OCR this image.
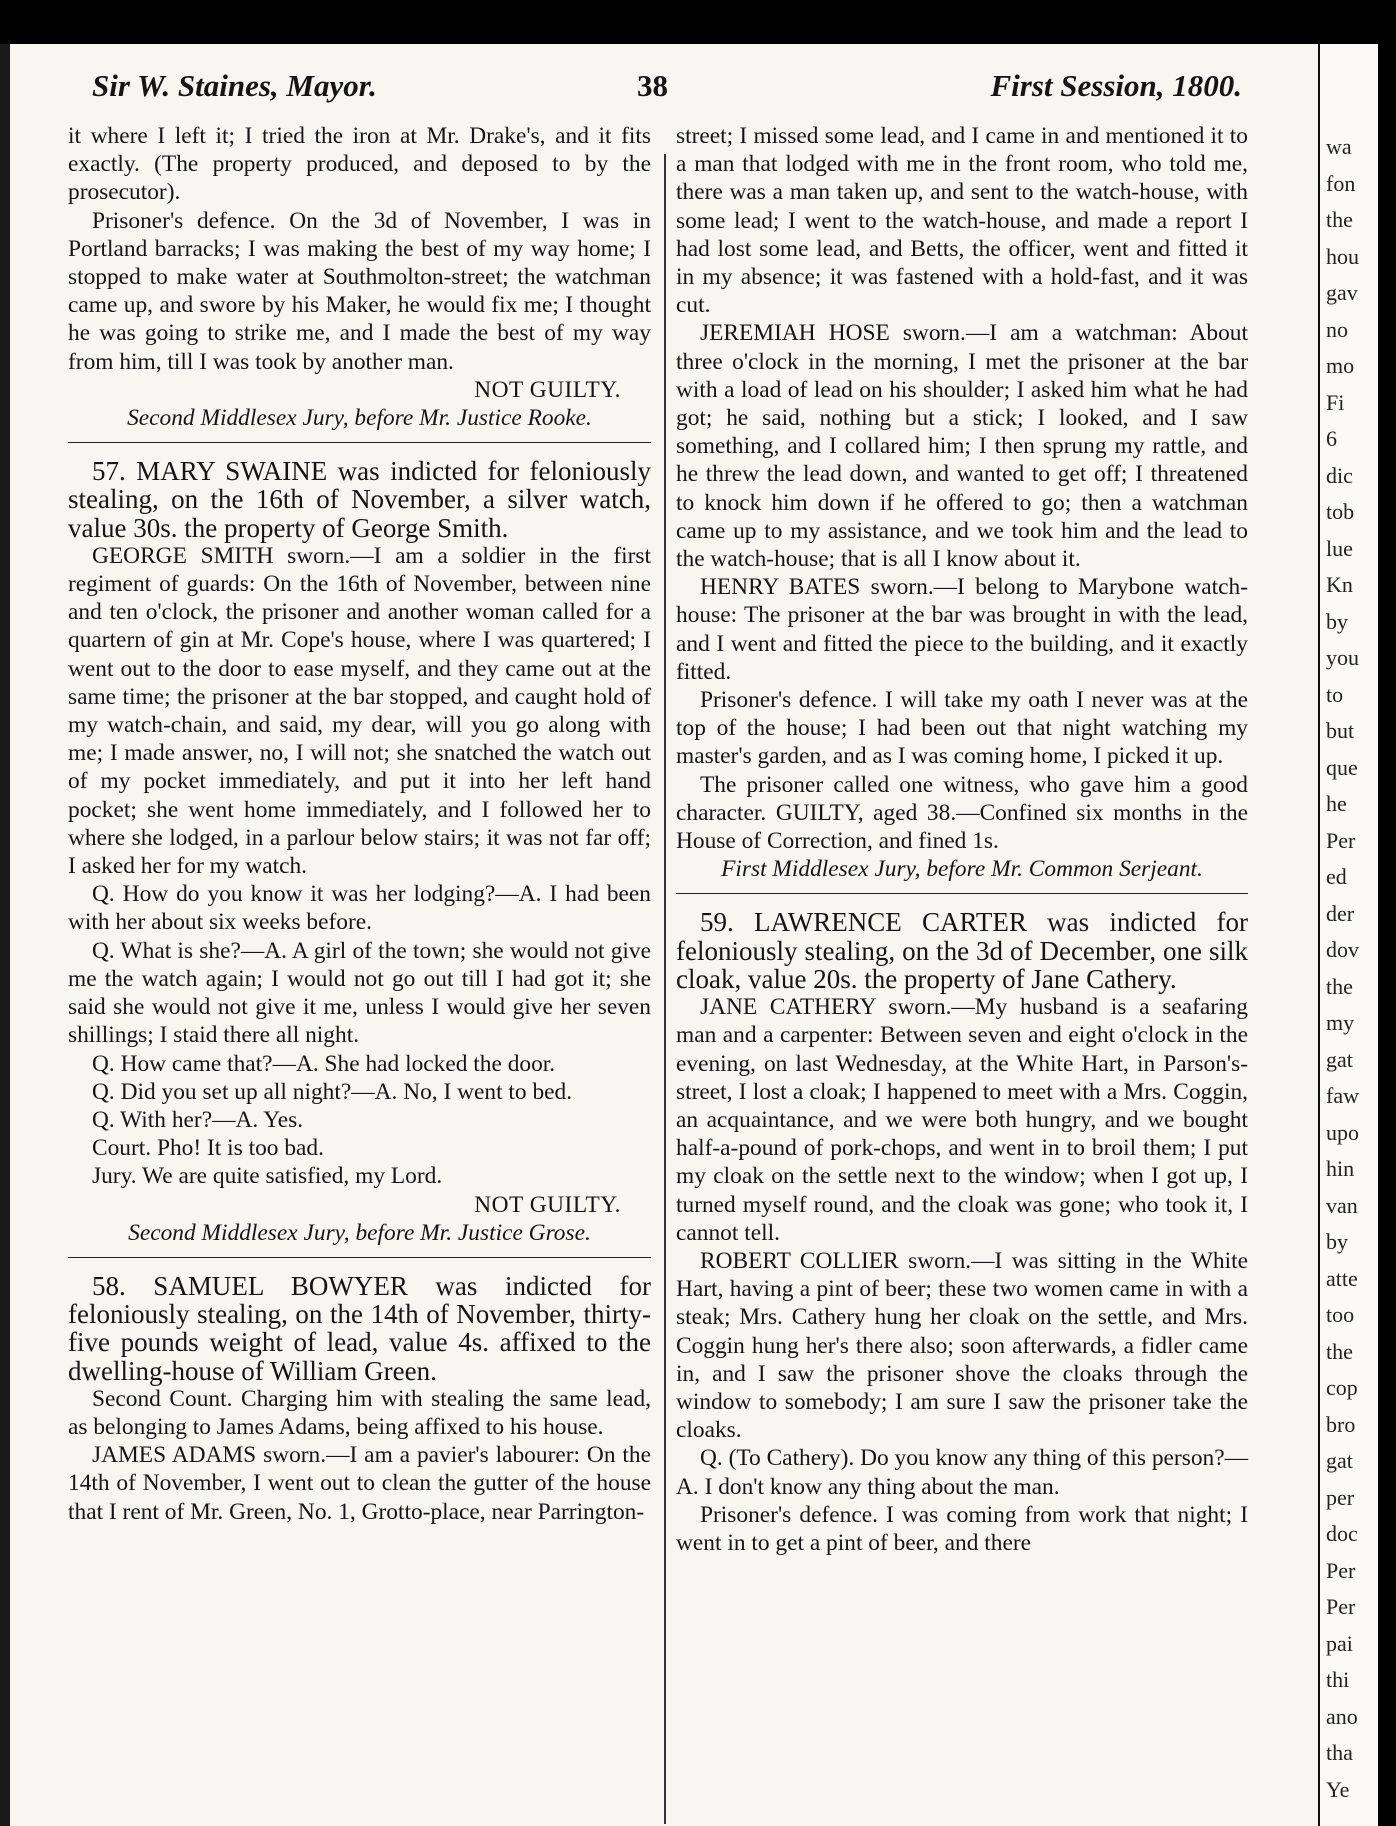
Sir W. Staines, Mayor.	38	First Session, 1800.

it where I left it; I tried the iron at Mr. Drake's, and it fits exactly. (The property produced, and deposed to by the prosecutor).

Prisoner's defence. On the 3d of November, I was in Portland barracks; I was making the best of my way home; I stopped to make water at Southmolton-street; the watchman came up, and swore by his Maker, he would fix me; I thought he was going to strike me, and I made the best of my way from him, till I was took by another man.

NOT GUILTY.

Second Middlesex Jury, before Mr. Justice Rooke.

57. MARY SWAINE was indicted for feloniously stealing, on the 16th of November, a silver watch, value 30s. the property of George Smith.

GEORGE SMITH sworn.—I am a soldier in the first regiment of guards: On the 16th of November, between nine and ten o'clock, the prisoner and another woman called for a quartern of gin at Mr. Cope's house, where I was quartered; I went out to the door to ease myself, and they came out at the same time; the prisoner at the bar stopped, and caught hold of my watch-chain, and said, my dear, will you go along with me; I made answer, no, I will not; she snatched the watch out of my pocket immediately, and put it into her left hand pocket; she went home immediately, and I followed her to where she lodged, in a parlour below stairs; it was not far off; I asked her for my watch.

Q. How do you know it was her lodging?—A. I had been with her about six weeks before.

Q. What is she?—A. A girl of the town; she would not give me the watch again; I would not go out till I had got it; she said she would not give it me, unless I would give her seven shillings; I staid there all night.

Q. How came that?—A. She had locked the door.

Q. Did you set up all night?—A. No, I went to bed.

Q. With her?—A. Yes.

Court. Pho! It is too bad.

Jury. We are quite satisfied, my Lord.

NOT GUILTY.

Second Middlesex Jury, before Mr. Justice Grose.

58. SAMUEL BOWYER was indicted for feloniously stealing, on the 14th of November, thirty-five pounds weight of lead, value 4s. affixed to the dwelling-house of William Green.

Second Count. Charging him with stealing the same lead, as belonging to James Adams, being affixed to his house.

JAMES ADAMS sworn.—I am a pavier's labourer: On the 14th of November, I went out to clean the gutter of the house that I rent of Mr. Green, No. 1, Grotto-place, near Parrington-

street; I missed some lead, and I came in and mentioned it to a man that lodged with me in the front room, who told me, there was a man taken up, and sent to the watch-house, with some lead; I went to the watch-house, and made a report I had lost some lead, and Betts, the officer, went and fitted it in my absence; it was fastened with a hold-fast, and it was cut.

JEREMIAH HOSE sworn.—I am a watchman: About three o'clock in the morning, I met the prisoner at the bar with a load of lead on his shoulder; I asked him what he had got; he said, nothing but a stick; I looked, and I saw something, and I collared him; I then sprung my rattle, and he threw the lead down, and wanted to get off; I threatened to knock him down if he offered to go; then a watchman came up to my assistance, and we took him and the lead to the watch-house; that is all I know about it.

HENRY BATES sworn.—I belong to Marybone watch-house: The prisoner at the bar was brought in with the lead, and I went and fitted the piece to the building, and it exactly fitted.

Prisoner's defence. I will take my oath I never was at the top of the house; I had been out that night watching my master's garden, and as I was coming home, I picked it up.

The prisoner called one witness, who gave him a good character. GUILTY, aged 38.—Confined six months in the House of Correction, and fined 1s.

First Middlesex Jury, before Mr. Common Serjeant.

59. LAWRENCE CARTER was indicted for feloniously stealing, on the 3d of December, one silk cloak, value 20s. the property of Jane Cathery.

JANE CATHERY sworn.—My husband is a seafaring man and a carpenter: Between seven and eight o'clock in the evening, on last Wednesday, at the White Hart, in Parson's-street, I lost a cloak; I happened to meet with a Mrs. Coggin, an acquaintance, and we were both hungry, and we bought half-a-pound of pork-chops, and went in to broil them; I put my cloak on the settle next to the window; when I got up, I turned myself round, and the cloak was gone; who took it, I cannot tell.

ROBERT COLLIER sworn.—I was sitting in the White Hart, having a pint of beer; these two women came in with a steak; Mrs. Cathery hung her cloak on the settle, and Mrs. Coggin hung her's there also; soon afterwards, a fidler came in, and I saw the prisoner shove the cloaks through the window to somebody; I am sure I saw the prisoner take the cloaks.

Q. (To Cathery). Do you know any thing of this person?—A. I don't know any thing about the man.

Prisoner's defence. I was coming from work that night; I went in to get a pint of beer, and there

wa
fon
the
hou
gav
no
mo
Fi
6
dic
tob
lue
Kn
by
you
to
but
que
he
Per
ed
der
dov
the
my
gat
faw
upo
hin
van
by
atte
too
the
cop
bro
gat
per
doc
Per
Per
pai
thi
ano
tha
Ye
